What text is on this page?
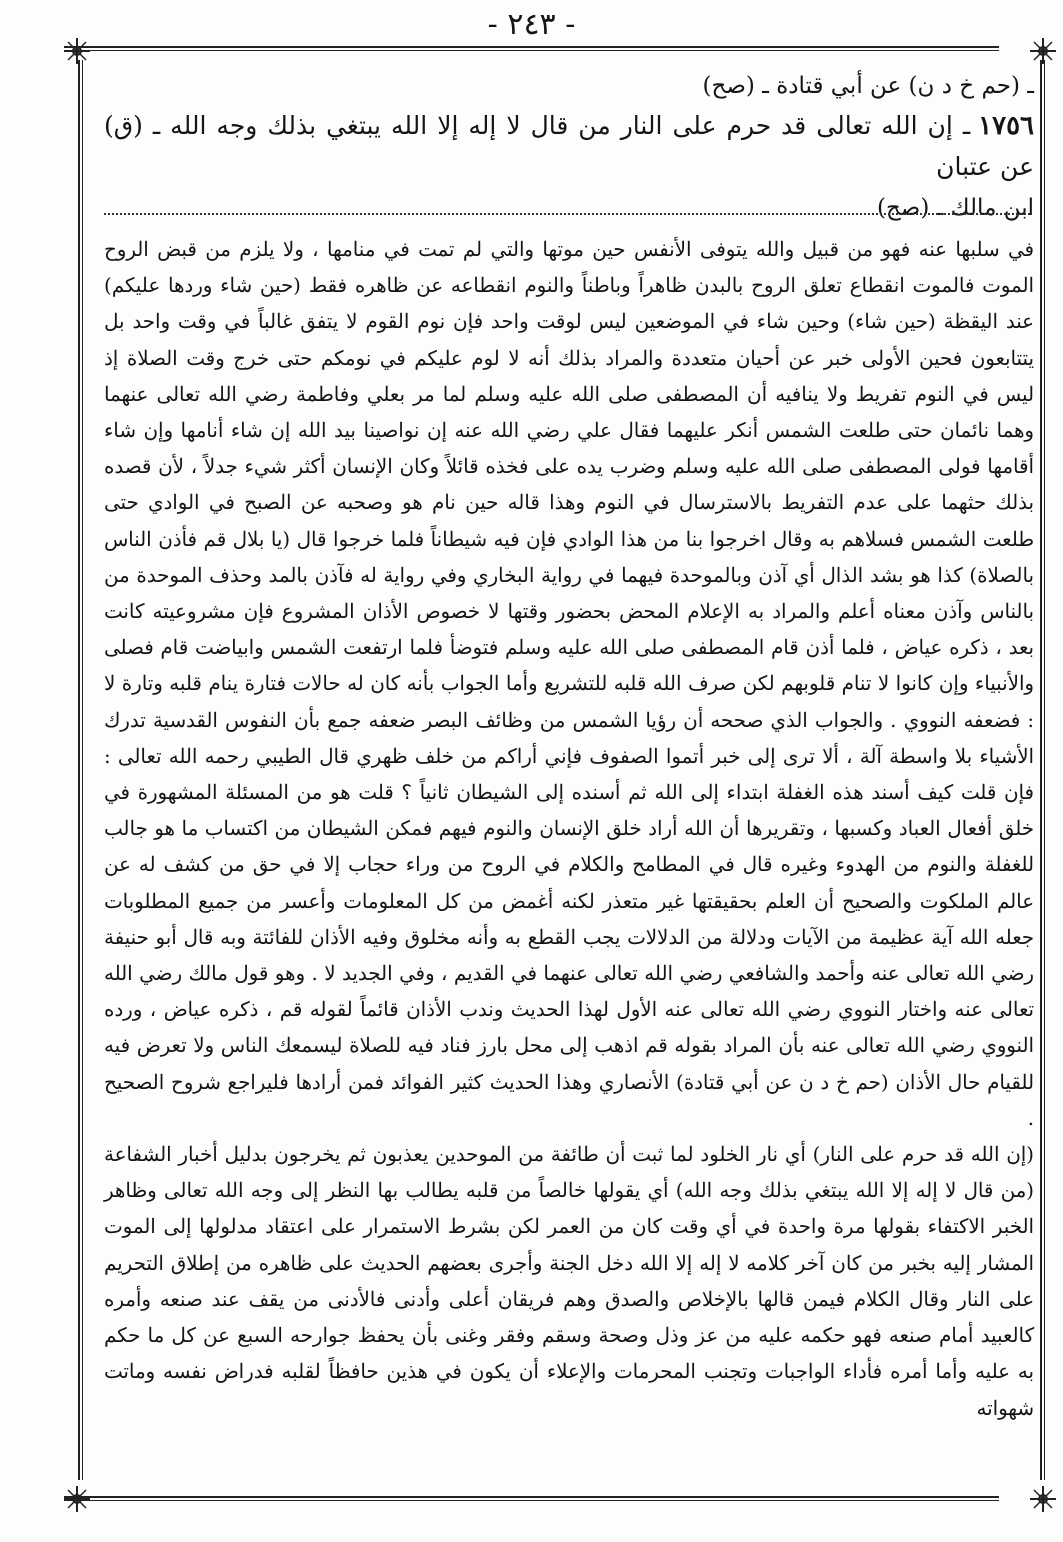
- ٢٤٣ -

ـ (حم خ د ن) عن أبي قتادة ـ (صح)

١٧٥٦ـ إن الله تعالى قد حرم على النار من قال لا إله إلا الله يبتغي بذلك وجه الله ـ (ق) عن عتبان

ابن مالك ـ (صح)

في سلبها عنه فهو من قبيل والله يتوفى الأنفس حين موتها والتي لم تمت في منامها ، ولا يلزم من قبض الروح الموت فالموت انقطاع تعلق الروح بالبدن ظاهراً وباطناً والنوم انقطاعه عن ظاهره فقط (حين شاء وردها عليكم) عند اليقظة (حين شاء) وحين شاء في الموضعين ليس لوقت واحد فإن نوم القوم لا يتفق غالباً في وقت واحد بل يتتابعون فحين الأولى خبر عن أحيان متعددة والمراد بذلك أنه لا لوم عليكم في نومكم حتى خرج وقت الصلاة إذ ليس في النوم تفريط ولا ينافيه أن المصطفى صلى الله عليه وسلم لما مر بعلي وفاطمة رضي الله تعالى عنهما وهما نائمان حتى طلعت الشمس أنكر عليهما فقال علي رضي الله عنه إن نواصينا بيد الله إن شاء أنامها وإن شاء أقامها فولى المصطفى صلى الله عليه وسلم وضرب يده على فخذه قائلاً وكان الإنسان أكثر شيء جدلاً ، لأن قصده بذلك حثهما على عدم التفريط بالاسترسال في النوم وهذا قاله حين نام هو وصحبه عن الصبح في الوادي حتى طلعت الشمس فسلاهم به وقال اخرجوا بنا من هذا الوادي فإن فيه شيطاناً فلما خرجوا قال (يا بلال قم فأذن الناس بالصلاة) كذا هو بشد الذال أي آذن وبالموحدة فيهما في رواية البخاري وفي رواية له فآذن بالمد وحذف الموحدة من بالناس وآذن معناه أعلم والمراد به الإعلام المحض بحضور وقتها لا خصوص الأذان المشروع فإن مشروعيته كانت بعد ، ذكره عياض ، فلما أذن قام المصطفى صلى الله عليه وسلم فتوضأ فلما ارتفعت الشمس وابياضت قام فصلى والأنبياء وإن كانوا لا تنام قلوبهم لكن صرف الله قلبه للتشريع وأما الجواب بأنه كان له حالات فتارة ينام قلبه وتارة لا : فضعفه النووي . والجواب الذي صححه أن رؤيا الشمس من وظائف البصر ضعفه جمع بأن النفوس القدسية تدرك الأشياء بلا واسطة آلة ، ألا ترى إلى خبر أتموا الصفوف فإني أراكم من خلف ظهري قال الطيبي رحمه الله تعالى : فإن قلت كيف أسند هذه الغفلة ابتداء إلى الله ثم أسنده إلى الشيطان ثانياً ؟ قلت هو من المسئلة المشهورة في خلق أفعال العباد وكسبها ، وتقريرها أن الله أراد خلق الإنسان والنوم فيهم فمكن الشيطان من اكتساب ما هو جالب للغفلة والنوم من الهدوء وغيره قال في المطامح والكلام في الروح من وراء حجاب إلا في حق من كشف له عن عالم الملكوت والصحيح أن العلم بحقيقتها غير متعذر لكنه أغمض من كل المعلومات وأعسر من جميع المطلوبات جعله الله آية عظيمة من الآيات ودلالة من الدلالات يجب القطع به وأنه مخلوق وفيه الأذان للفائتة وبه قال أبو حنيفة رضي الله تعالى عنه وأحمد والشافعي رضي الله تعالى عنهما في القديم ، وفي الجديد لا . وهو قول مالك رضي الله تعالى عنه واختار النووي رضي الله تعالى عنه الأول لهذا الحديث وندب الأذان قائماً لقوله قم ، ذكره عياض ، ورده النووي رضي الله تعالى عنه بأن المراد بقوله قم اذهب إلى محل بارز فناد فيه للصلاة ليسمعك الناس ولا تعرض فيه للقيام حال الأذان (حم خ د ن عن أبي قتادة) الأنصاري وهذا الحديث كثير الفوائد فمن أرادها فليراجع شروح الصحيح .

(إن الله قد حرم على النار) أي نار الخلود لما ثبت أن طائفة من الموحدين يعذبون ثم يخرجون بدليل أخبار الشفاعة (من قال لا إله إلا الله يبتغي بذلك وجه الله) أي يقولها خالصاً من قلبه يطالب بها النظر إلى وجه الله تعالى وظاهر الخبر الاكتفاء بقولها مرة واحدة في أي وقت كان من العمر لكن بشرط الاستمرار على اعتقاد مدلولها إلى الموت المشار إليه بخبر من كان آخر كلامه لا إله إلا الله دخل الجنة وأجرى بعضهم الحديث على ظاهره من إطلاق التحريم على النار وقال الكلام فيمن قالها بالإخلاص والصدق وهم فريقان أعلى وأدنى فالأدنى من يقف عند صنعه وأمره كالعبيد أمام صنعه فهو حكمه عليه من عز وذل وصحة وسقم وفقر وغنى بأن يحفظ جوارحه السبع عن كل ما حكم به عليه وأما أمره فأداء الواجبات وتجنب المحرمات والإعلاء أن يكون في هذين حافظاً لقلبه فدراض نفسه وماتت شهواته
